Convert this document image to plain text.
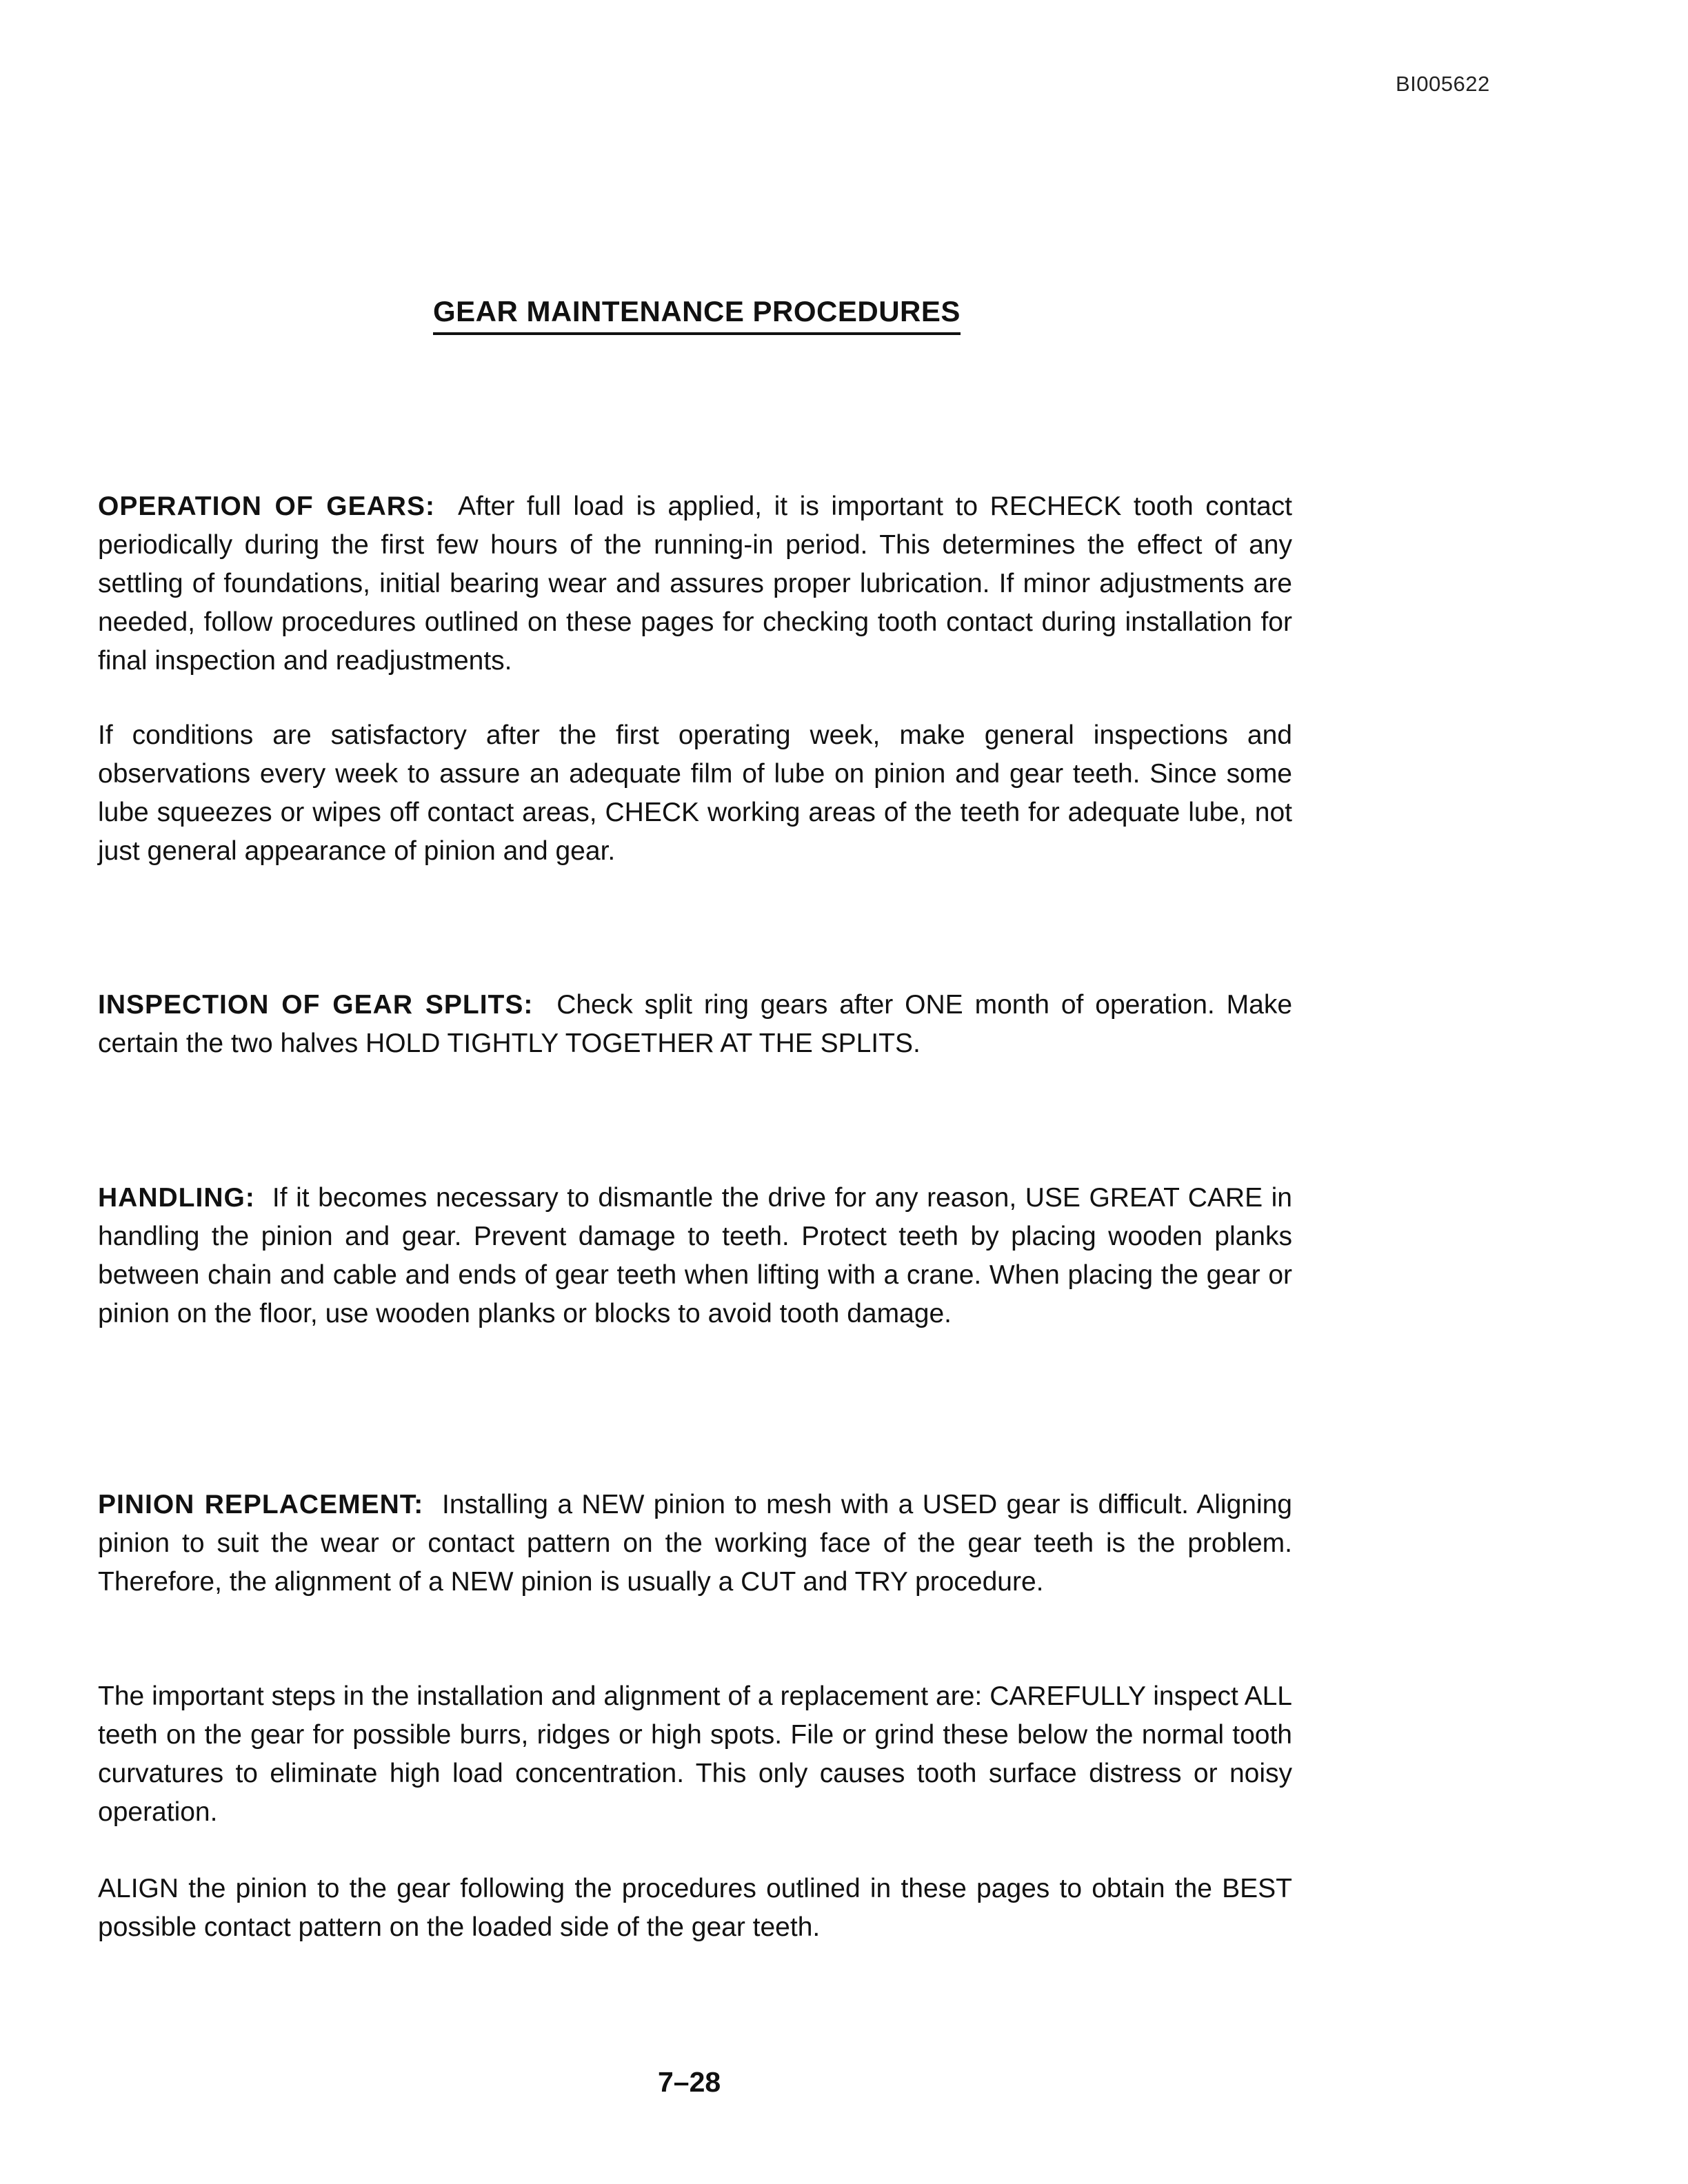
BI005622
GEAR MAINTENANCE PROCEDURES

OPERATION OF GEARS: After full load is applied, it is important to RECHECK tooth contact periodically during the first few hours of the running-in period. This determines the effect of any settling of foundations, initial bearing wear and assures proper lubrication. If minor adjustments are needed, follow procedures outlined on these pages for checking tooth contact during installation for final inspection and readjustments.

If conditions are satisfactory after the first operating week, make general inspections and observations every week to assure an adequate film of lube on pinion and gear teeth. Since some lube squeezes or wipes off contact areas, CHECK working areas of the teeth for adequate lube, not just general appearance of pinion and gear.

INSPECTION OF GEAR SPLITS: Check split ring gears after ONE month of operation. Make certain the two halves HOLD TIGHTLY TOGETHER AT THE SPLITS.

HANDLING: If it becomes necessary to dismantle the drive for any reason, USE GREAT CARE in handling the pinion and gear. Prevent damage to teeth. Protect teeth by placing wooden planks between chain and cable and ends of gear teeth when lifting with a crane. When placing the gear or pinion on the floor, use wooden planks or blocks to avoid tooth damage.

PINION REPLACEMENT: Installing a NEW pinion to mesh with a USED gear is difficult. Aligning pinion to suit the wear or contact pattern on the working face of the gear teeth is the problem. Therefore, the alignment of a NEW pinion is usually a CUT and TRY procedure.

The important steps in the installation and alignment of a replacement are: CAREFULLY inspect ALL teeth on the gear for possible burrs, ridges or high spots. File or grind these below the normal tooth curvatures to eliminate high load concentration. This only causes tooth surface distress or noisy operation.

ALIGN the pinion to the gear following the procedures outlined in these pages to obtain the BEST possible contact pattern on the loaded side of the gear teeth.

7–28
